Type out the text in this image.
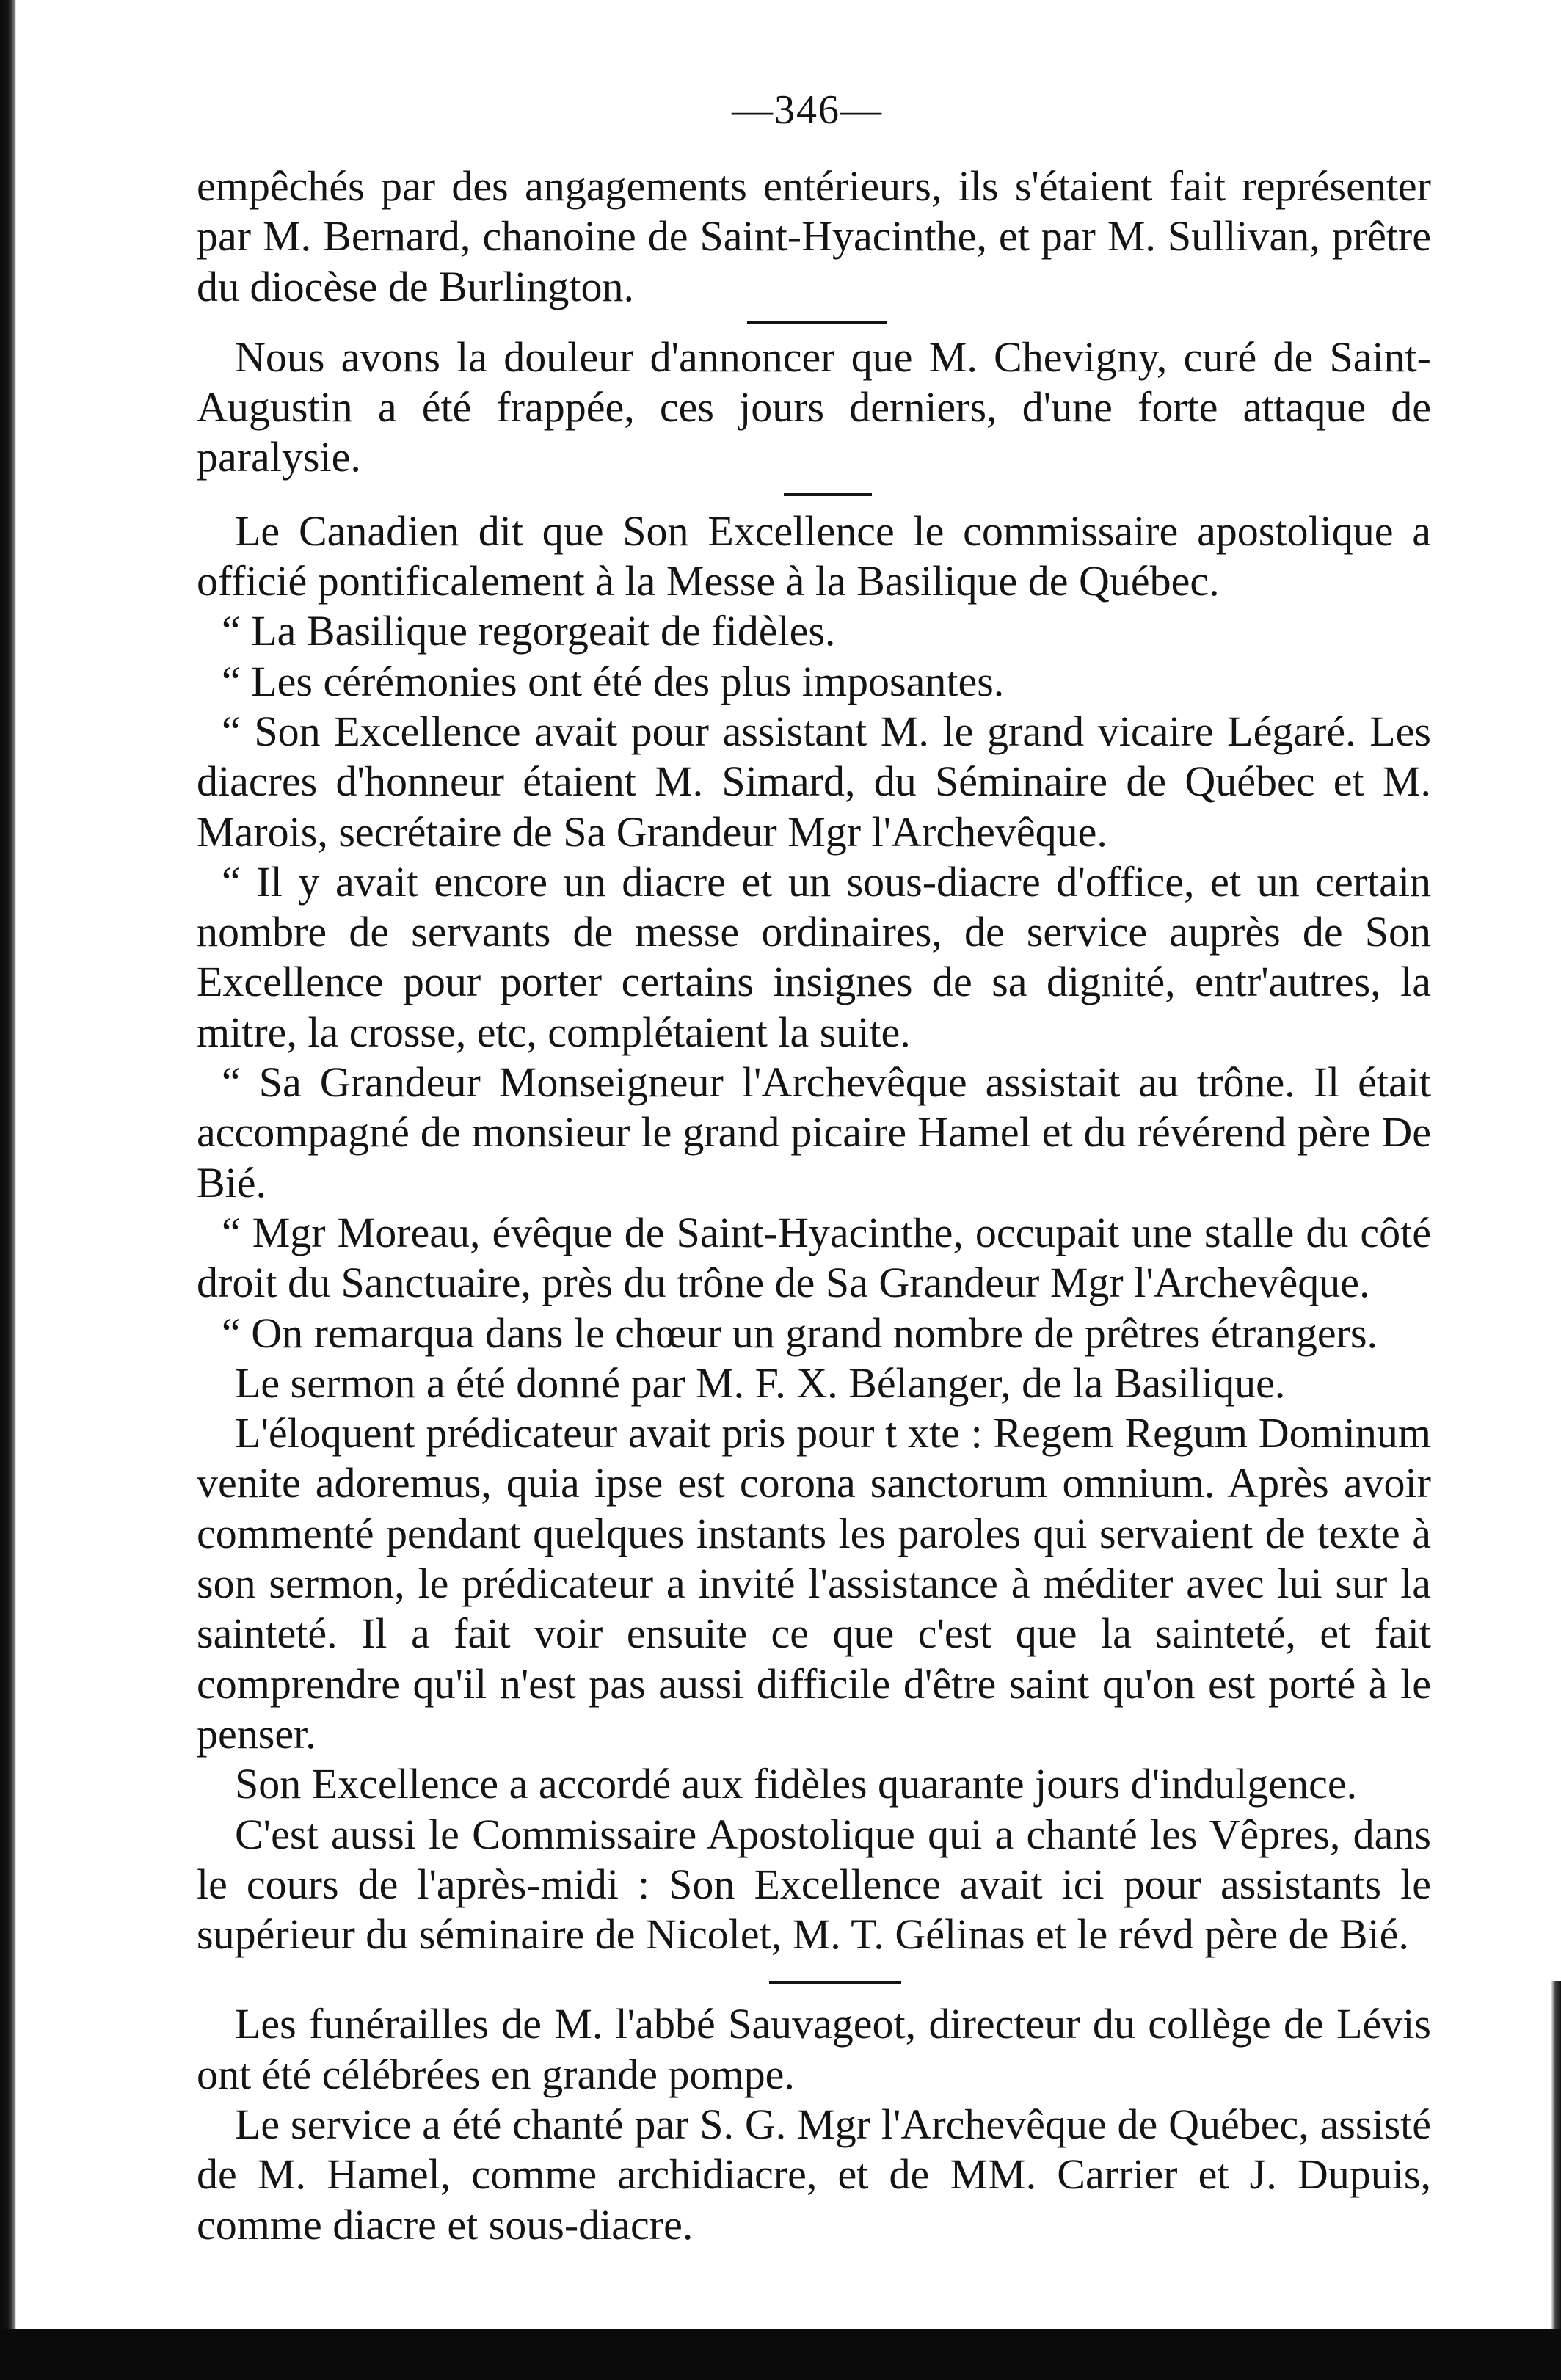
—346—

empêchés par des angagements entérieurs, ils s'étaient fait représenter par M. Bernard, chanoine de Saint-Hyacinthe, et par M. Sullivan, prêtre du diocèse de Burlington.

Nous avons la douleur d'annoncer que M. Chevigny, curé de Saint-Augustin a été frappée, ces jours derniers, d'une forte attaque de paralysie.

Le Canadien dit que Son Excellence le commissaire apostolique a officié pontificalement à la Messe à la Basilique de Québec.

“ La Basilique regorgeait de fidèles.

“ Les cérémonies ont été des plus imposantes.

“ Son Excellence avait pour assistant M. le grand vicaire Légaré. Les diacres d'honneur étaient M. Simard, du Séminaire de Québec et M. Marois, secrétaire de Sa Grandeur Mgr l'Archevêque.

“ Il y avait encore un diacre et un sous-diacre d'office, et un certain nombre de servants de messe ordinaires, de service auprès de Son Excellence pour porter certains insignes de sa dignité, entr'autres, la mitre, la crosse, etc, complétaient la suite.

“ Sa Grandeur Monseigneur l'Archevêque assistait au trône. Il était accompagné de monsieur le grand picaire Hamel et du révérend père De Bié.

“ Mgr Moreau, évêque de Saint-Hyacinthe, occupait une stalle du côté droit du Sanctuaire, près du trône de Sa Grandeur Mgr l'Archevêque.

“ On remarqua dans le chœur un grand nombre de prêtres étrangers.

Le sermon a été donné par M. F. X. Bélanger, de la Basilique.

L'éloquent prédicateur avait pris pour t xte : Regem Regum Dominum venite adoremus, quia ipse est corona sanctorum omnium. Après avoir commenté pendant quelques instants les paroles qui servaient de texte à son sermon, le prédicateur a invité l'assistance à méditer avec lui sur la sainteté. Il a fait voir ensuite ce que c'est que la sainteté, et fait comprendre qu'il n'est pas aussi difficile d'être saint qu'on est porté à le penser.

Son Excellence a accordé aux fidèles quarante jours d'indulgence.

C'est aussi le Commissaire Apostolique qui a chanté les Vêpres, dans le cours de l'après-midi : Son Excellence avait ici pour assistants le supérieur du séminaire de Nicolet, M. T. Gélinas et le révd père de Bié.

Les funérailles de M. l'abbé Sauvageot, directeur du collège de Lévis ont été célébrées en grande pompe.

Le service a été chanté par S. G. Mgr l'Archevêque de Québec, assisté de M. Hamel, comme archidiacre, et de MM. Carrier et J. Dupuis, comme diacre et sous-diacre.
